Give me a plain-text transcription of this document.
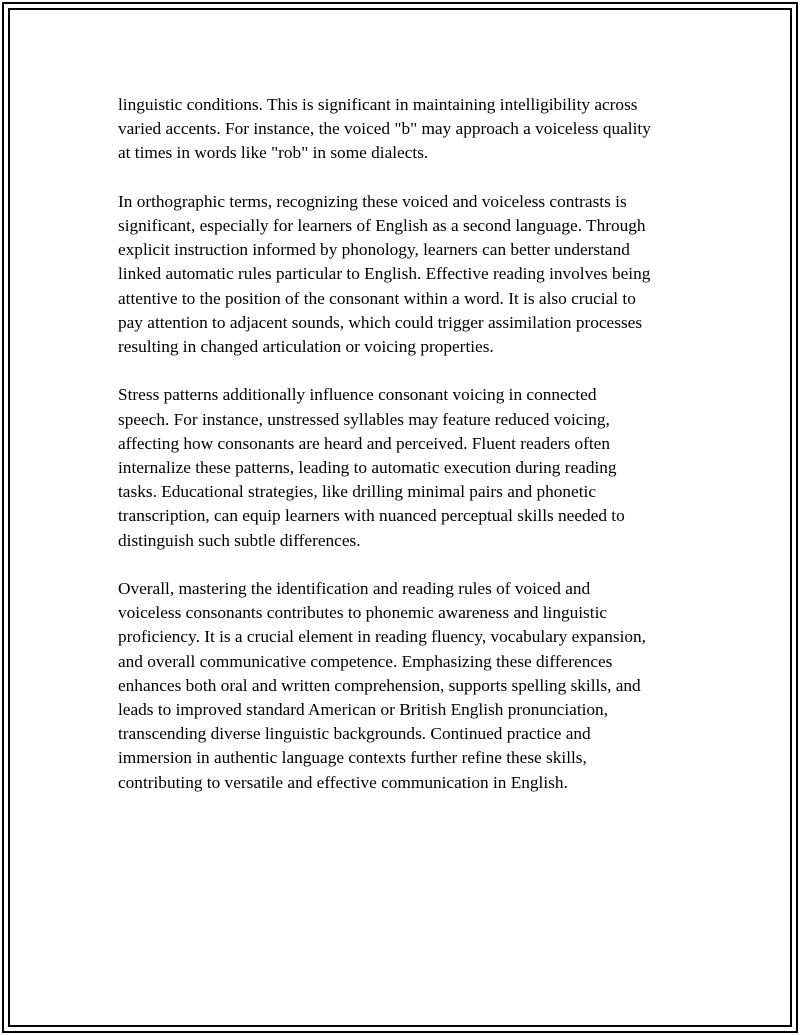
linguistic conditions. This is significant in maintaining intelligibility across
varied accents. For instance, the voiced "b" may approach a voiceless quality
at times in words like "rob" in some dialects.

In orthographic terms, recognizing these voiced and voiceless contrasts is
significant, especially for learners of English as a second language. Through
explicit instruction informed by phonology, learners can better understand
linked automatic rules particular to English. Effective reading involves being
attentive to the position of the consonant within a word. It is also crucial to
pay attention to adjacent sounds, which could trigger assimilation processes
resulting in changed articulation or voicing properties.

Stress patterns additionally influence consonant voicing in connected
speech. For instance, unstressed syllables may feature reduced voicing,
affecting how consonants are heard and perceived. Fluent readers often
internalize these patterns, leading to automatic execution during reading
tasks. Educational strategies, like drilling minimal pairs and phonetic
transcription, can equip learners with nuanced perceptual skills needed to
distinguish such subtle differences.

Overall, mastering the identification and reading rules of voiced and
voiceless consonants contributes to phonemic awareness and linguistic
proficiency. It is a crucial element in reading fluency, vocabulary expansion,
and overall communicative competence. Emphasizing these differences
enhances both oral and written comprehension, supports spelling skills, and
leads to improved standard American or British English pronunciation,
transcending diverse linguistic backgrounds. Continued practice and
immersion in authentic language contexts further refine these skills,
contributing to versatile and effective communication in English.
